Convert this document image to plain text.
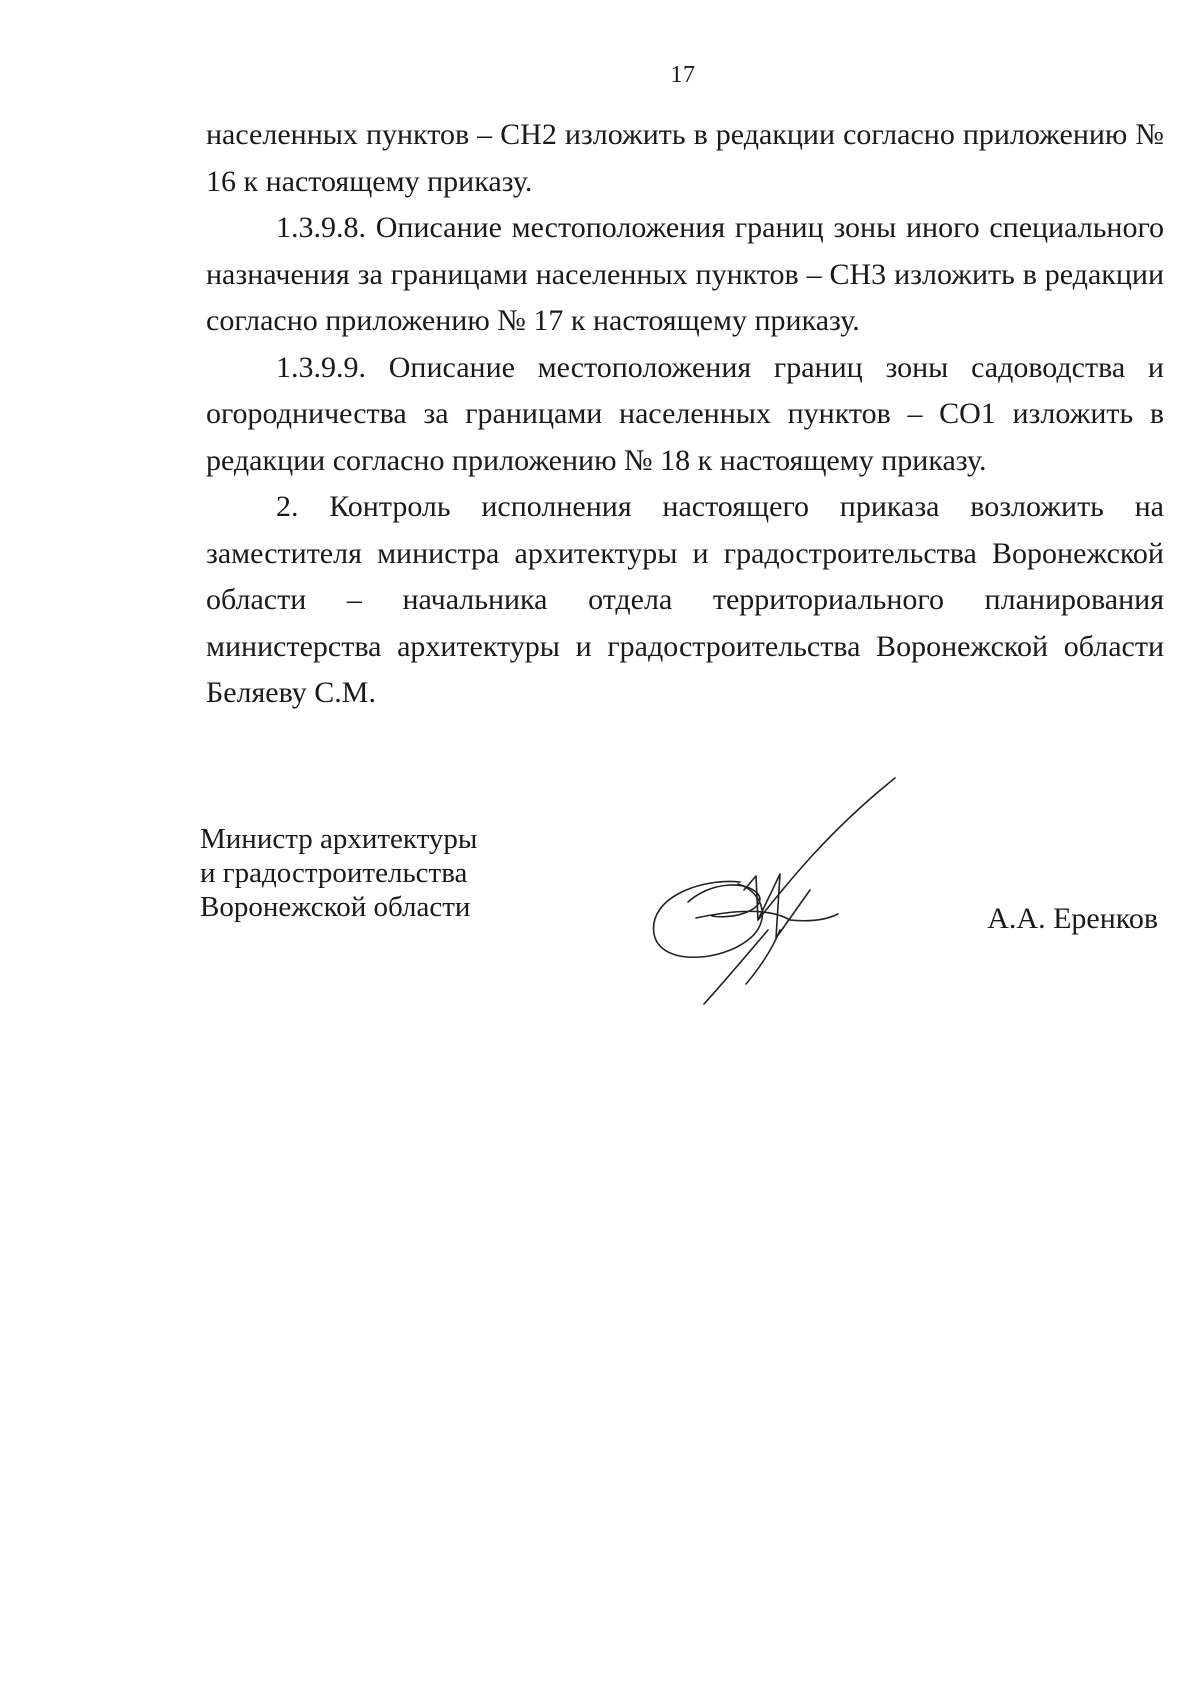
17

населенных пунктов – СН2 изложить в редакции согласно приложению № 16 к настоящему приказу.

1.3.9.8. Описание местоположения границ зоны иного специального назначения за границами населенных пунктов – СН3 изложить в редакции согласно приложению № 17 к настоящему приказу.

1.3.9.9. Описание местоположения границ зоны садоводства и огородничества за границами населенных пунктов – СО1 изложить в редакции согласно приложению № 18 к настоящему приказу.

2. Контроль исполнения настоящего приказа возложить на заместителя министра архитектуры и градостроительства Воронежской области – начальника отдела территориального планирования министерства архитектуры и градостроительства Воронежской области Беляеву С.М.

Министр архитектуры
и градостроительства
Воронежской области	А.А. Еренков
